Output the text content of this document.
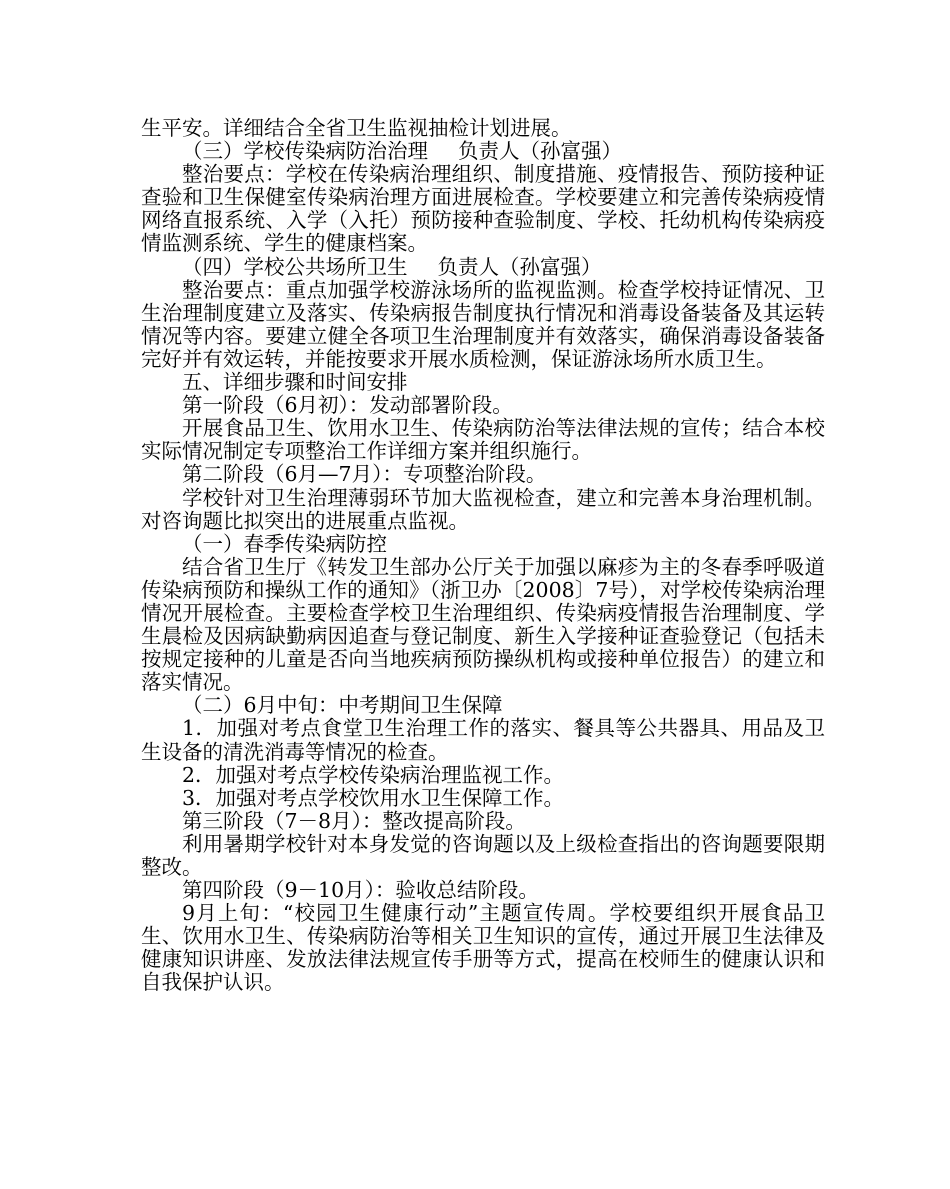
生平安。详细结合全省卫生监视抽检计划进展。

（三）学校传染病防治治理 负责人（孙富强）

整治要点：学校在传染病治理组织、制度措施、疫情报告、预防接种证查验和卫生保健室传染病治理方面进展检查。学校要建立和完善传染病疫情网络直报系统、入学（入托）预防接种查验制度、学校、托幼机构传染病疫情监测系统、学生的健康档案。

（四）学校公共场所卫生 负责人（孙富强）

整治要点：重点加强学校游泳场所的监视监测。检查学校持证情况、卫生治理制度建立及落实、传染病报告制度执行情况和消毒设备装备及其运转情况等内容。要建立健全各项卫生治理制度并有效落实，确保消毒设备装备完好并有效运转，并能按要求开展水质检测，保证游泳场所水质卫生。

五、详细步骤和时间安排

第一阶段（6月初）：发动部署阶段。

开展食品卫生、饮用水卫生、传染病防治等法律法规的宣传；结合本校实际情况制定专项整治工作详细方案并组织施行。

第二阶段（6月—7月）：专项整治阶段。

学校针对卫生治理薄弱环节加大监视检查，建立和完善本身治理机制。对咨询题比拟突出的进展重点监视。

（一）春季传染病防控

结合省卫生厅《转发卫生部办公厅关于加强以麻疹为主的冬春季呼吸道传染病预防和操纵工作的通知》（浙卫办〔2008〕7号），对学校传染病治理情况开展检查。主要检查学校卫生治理组织、传染病疫情报告治理制度、学生晨检及因病缺勤病因追查与登记制度、新生入学接种证查验登记（包括未按规定接种的儿童是否向当地疾病预防操纵机构或接种单位报告）的建立和落实情况。

（二）6月中旬：中考期间卫生保障

1．加强对考点食堂卫生治理工作的落实、餐具等公共器具、用品及卫生设备的清洗消毒等情况的检查。

2．加强对考点学校传染病治理监视工作。

3．加强对考点学校饮用水卫生保障工作。

第三阶段（7－8月）：整改提高阶段。

利用暑期学校针对本身发觉的咨询题以及上级检查指出的咨询题要限期整改。

第四阶段（9－10月）：验收总结阶段。

9月上旬：“校园卫生健康行动”主题宣传周。学校要组织开展食品卫生、饮用水卫生、传染病防治等相关卫生知识的宣传，通过开展卫生法律及健康知识讲座、发放法律法规宣传手册等方式，提高在校师生的健康认识和自我保护认识。
